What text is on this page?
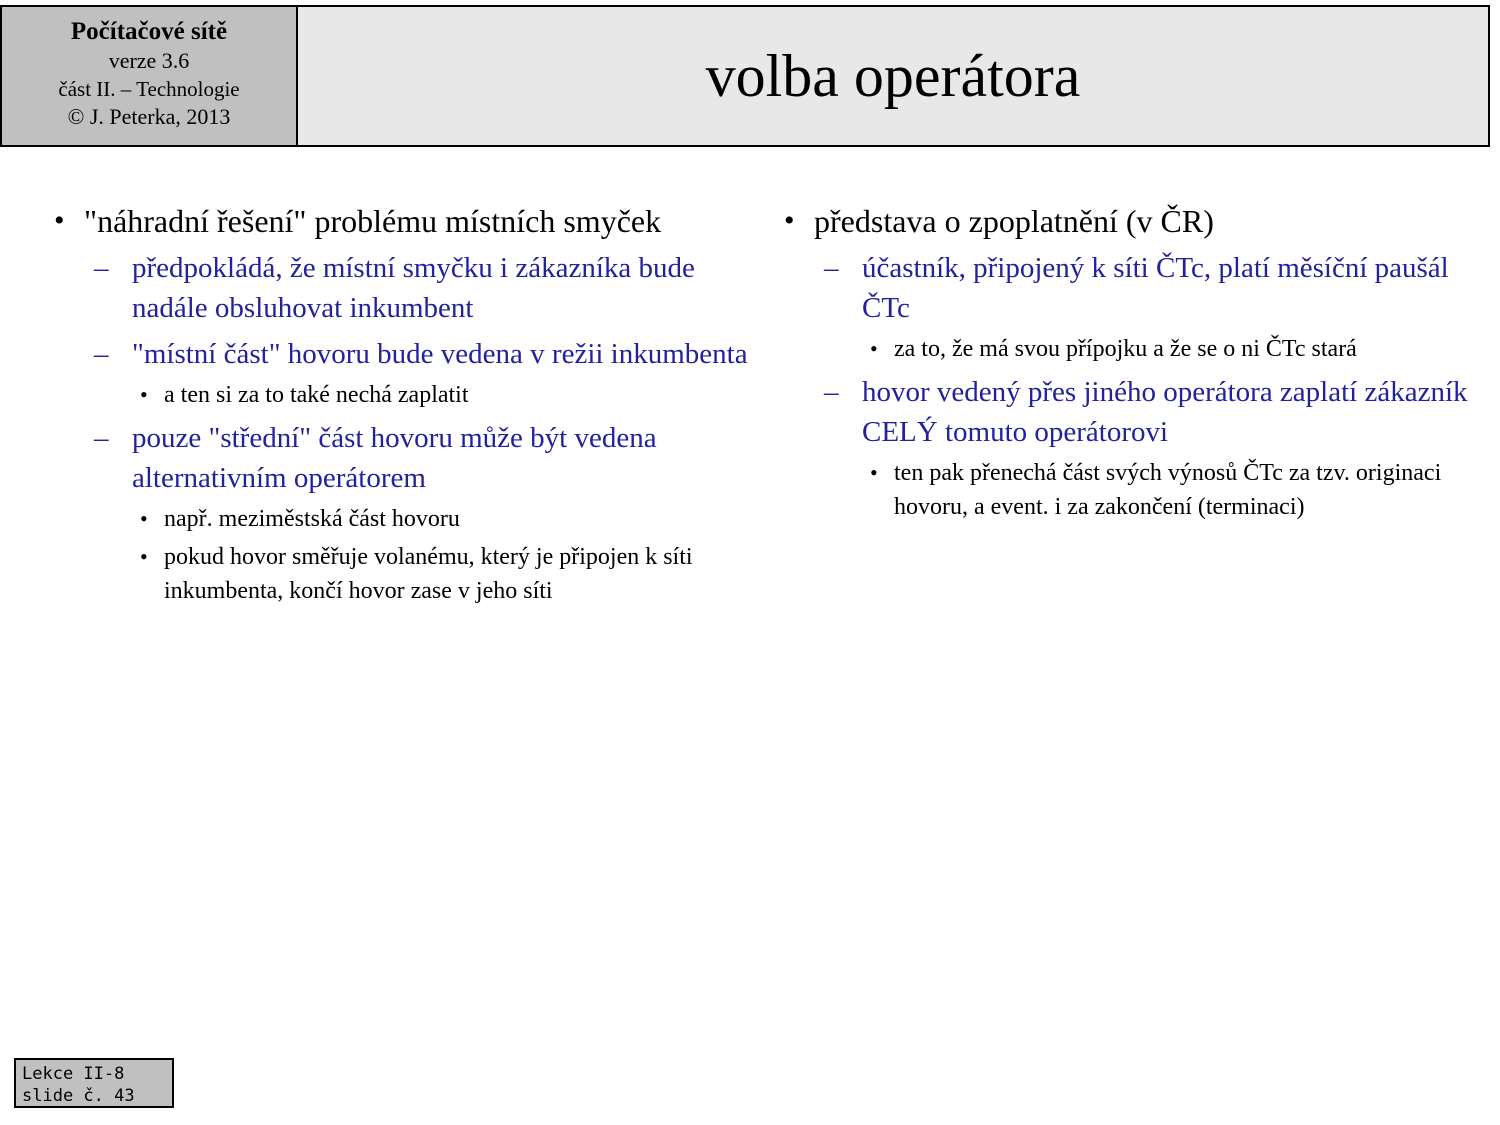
Počítačové sítě
verze 3.6
část II. – Technologie
© J. Peterka, 2013
volba operátora
• "náhradní řešení" problému místních smyček
– předpokládá, že místní smyčku i zákazníka bude nadále obsluhovat inkumbent
– "místní část" hovoru bude vedena v režii inkumbenta
• a ten si za to také nechá zaplatit
– pouze "střední" část hovoru může být vedena alternativním operátorem
• např. meziměstská část hovoru
• pokud hovor směřuje volanému, který je připojen k síti inkumbenta, končí hovor zase v jeho síti
• představa o zpoplatnění (v ČR)
– účastník, připojený k síti ČTc, platí měsíční paušál ČTc
• za to, že má svou přípojku a že se o ni ČTc stará
– hovor vedený přes jiného operátora zaplatí zákazník CELÝ tomuto operátorovi
• ten pak přenechá část svých výnosů ČTc za tzv. originaci hovoru, a event. i za zakončení (terminaci)
Lekce II-8
slide č. 43
